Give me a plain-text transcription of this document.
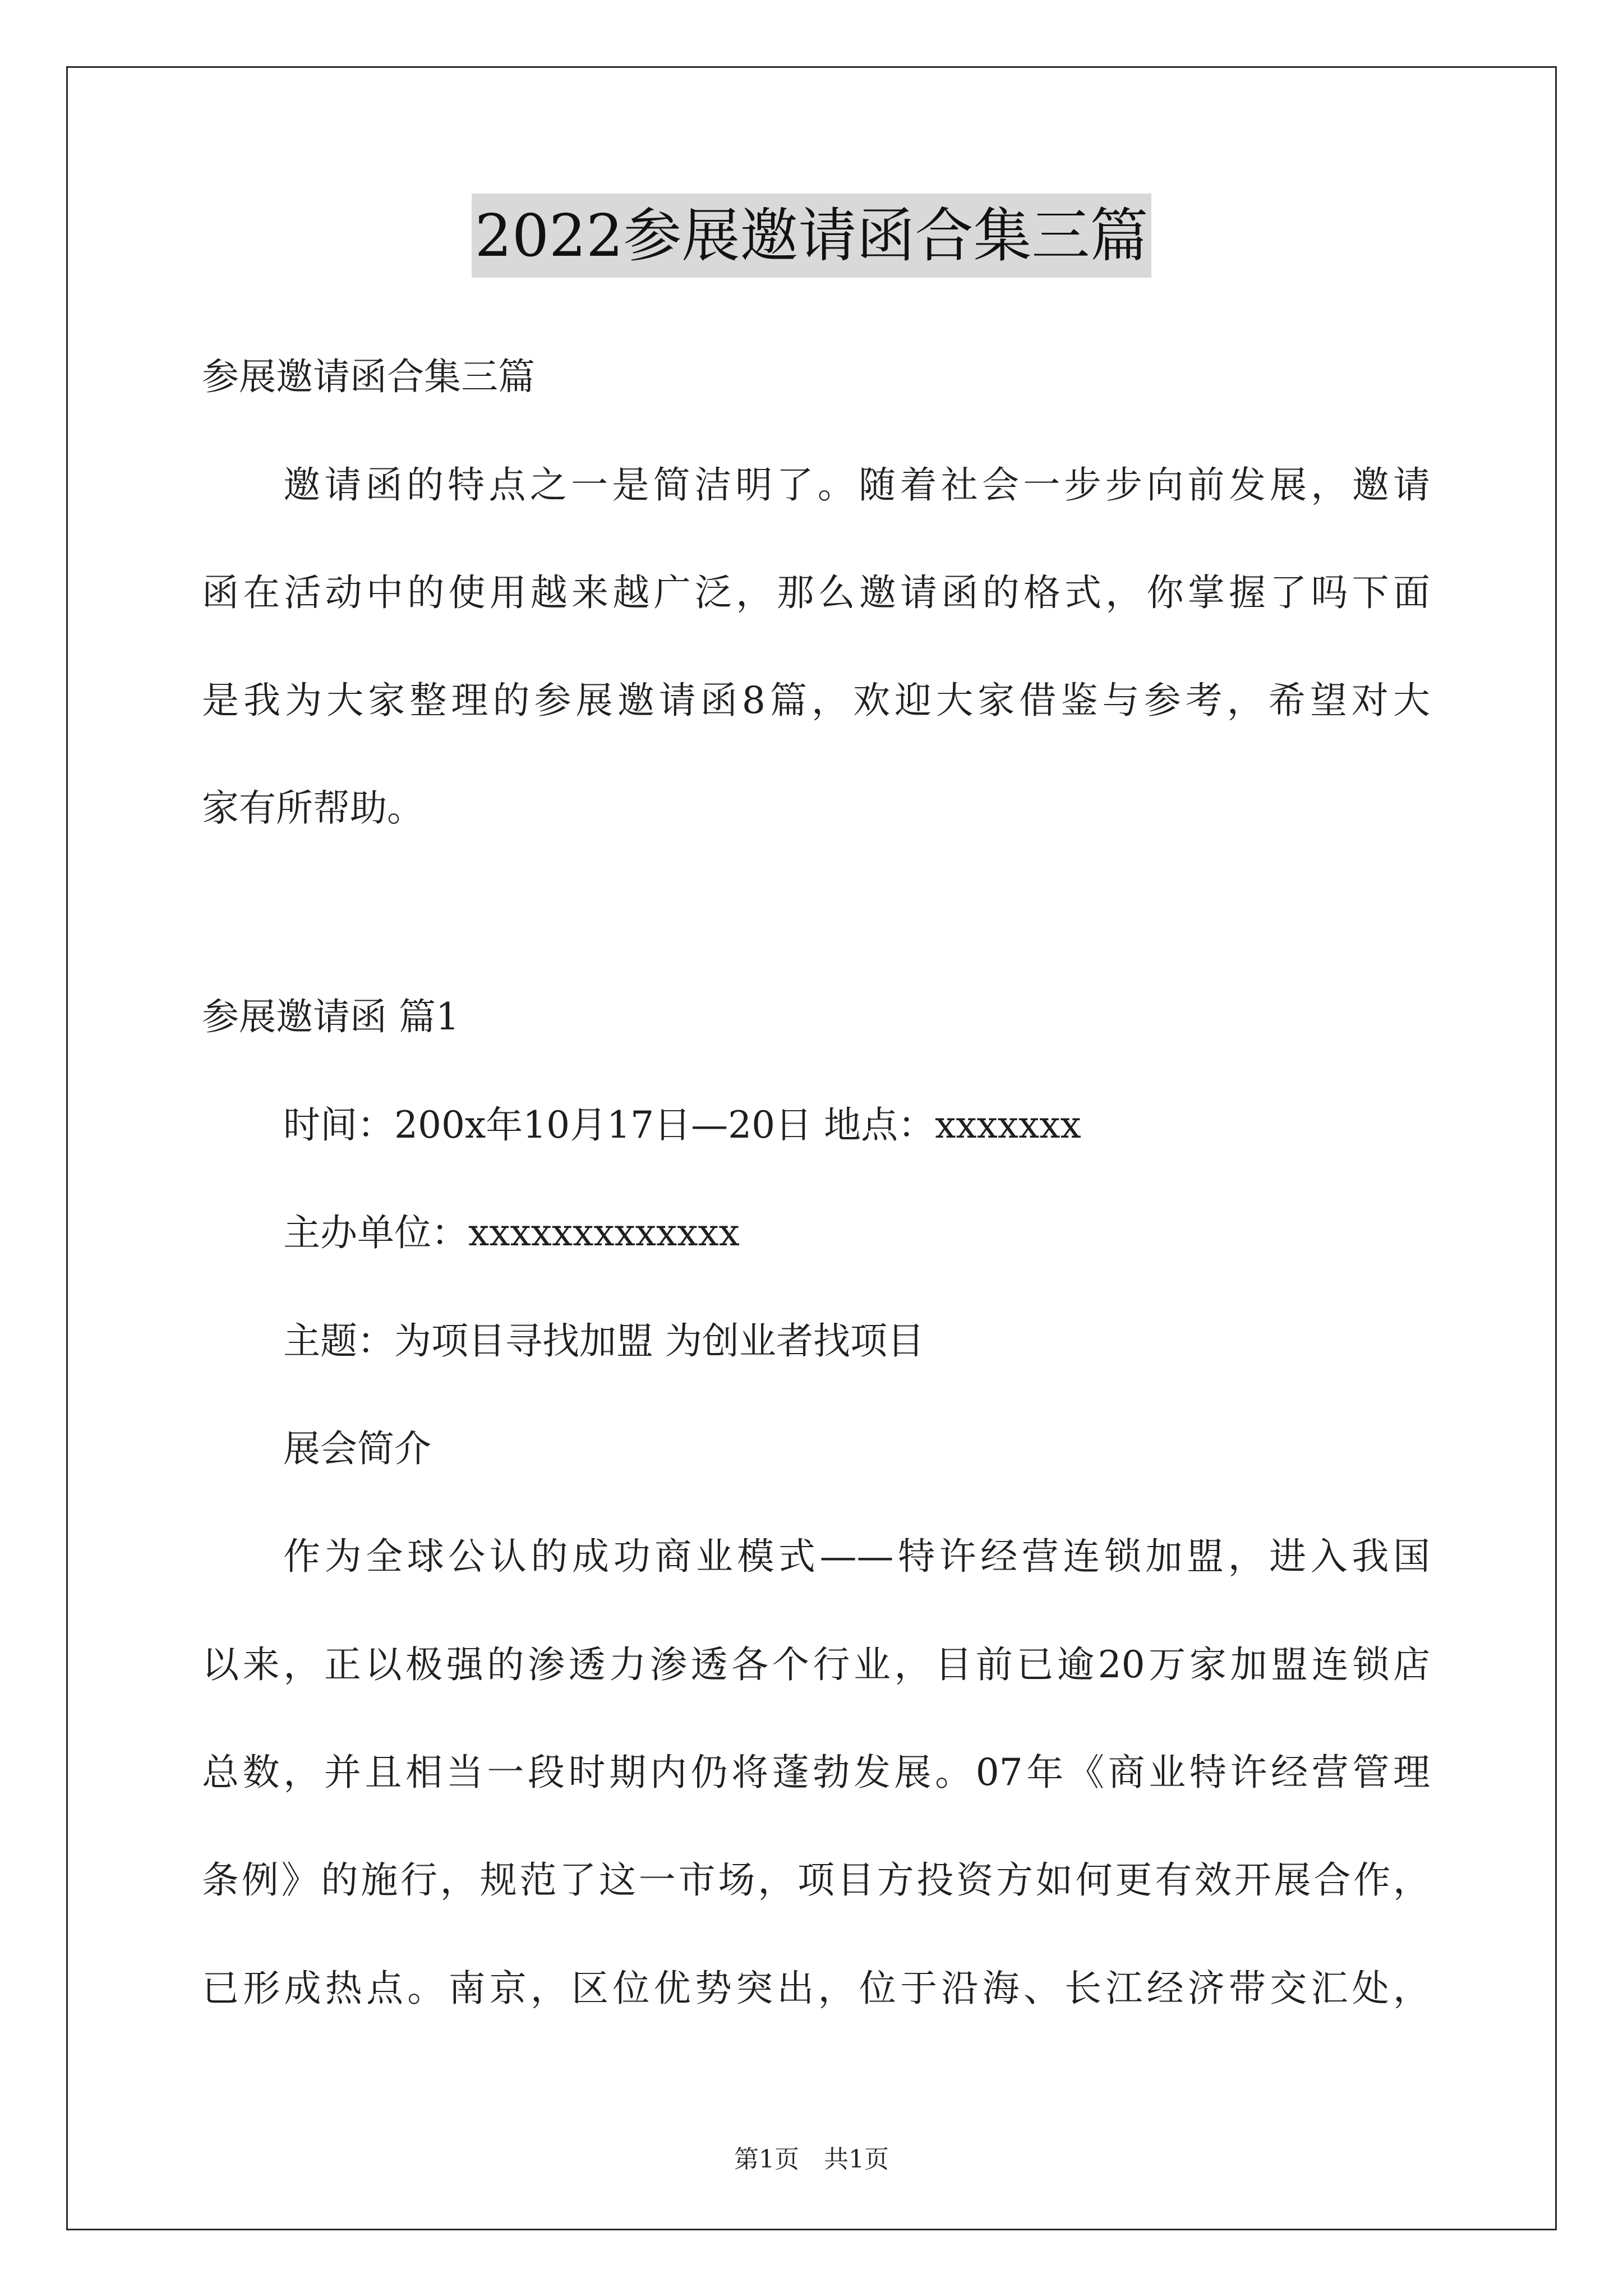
2022参展邀请函合集三篇
参展邀请函合集三篇
邀请函的特点之一是简洁明了。随着社会一步步向前发展，邀请
函在活动中的使用越来越广泛，那么邀请函的格式，你掌握了吗下面
是我为大家整理的参展邀请函8篇，欢迎大家借鉴与参考，希望对大
家有所帮助。
参展邀请函 篇1
时间：200x年10月17日—20日 地点：xxxxxxx
主办单位：xxxxxxxxxxxxx
主题：为项目寻找加盟 为创业者找项目
展会简介
作为全球公认的成功商业模式——特许经营连锁加盟，进入我国
以来，正以极强的渗透力渗透各个行业，目前已逾20万家加盟连锁店
总数，并且相当一段时期内仍将蓬勃发展。07年《商业特许经营管理
条例》的施行，规范了这一市场，项目方投资方如何更有效开展合作，
已形成热点。南京，区位优势突出，位于沿海、长江经济带交汇处，
第1页　共1页
